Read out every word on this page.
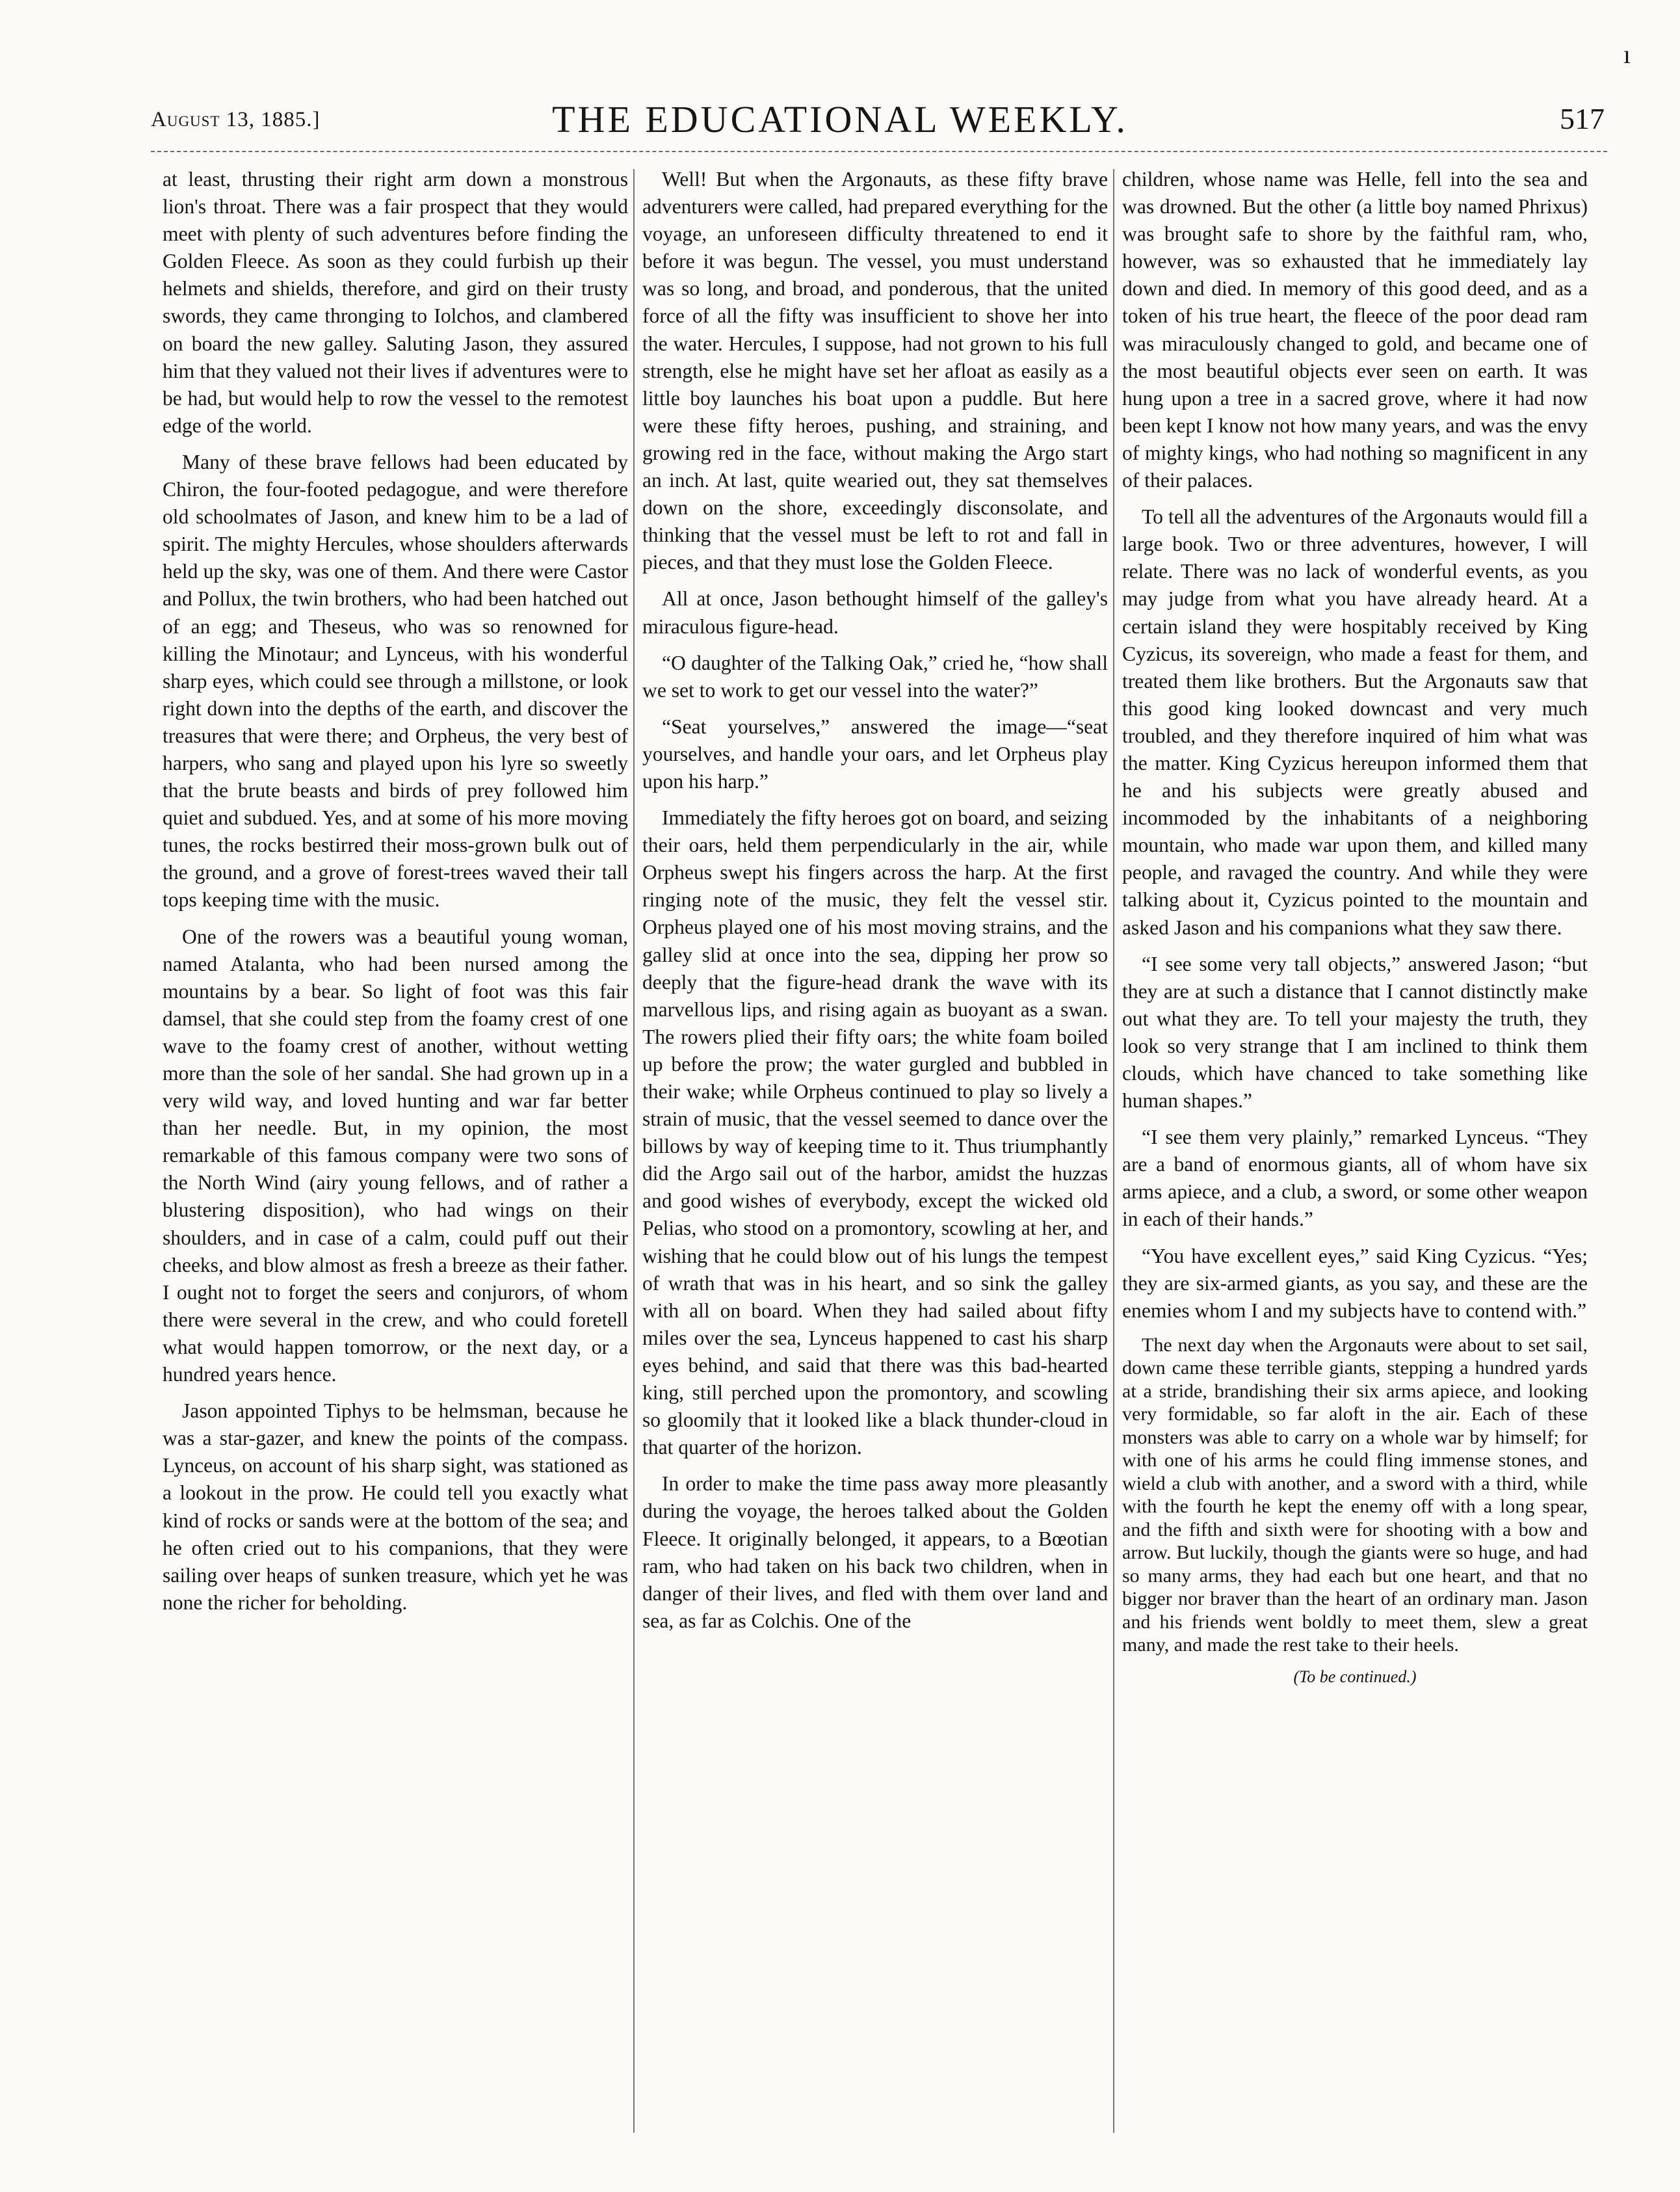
ı
August 13, 1885.]	THE EDUCATIONAL WEEKLY.	517

at least, thrusting their right arm down a monstrous lion's throat. There was a fair prospect that they would meet with plenty of such adventures before finding the Golden Fleece. As soon as they could furbish up their helmets and shields, therefore, and gird on their trusty swords, they came thronging to Iolchos, and clambered on board the new galley. Saluting Jason, they assured him that they valued not their lives if adventures were to be had, but would help to row the vessel to the remotest edge of the world.

Many of these brave fellows had been educated by Chiron, the four-footed pedagogue, and were therefore old schoolmates of Jason, and knew him to be a lad of spirit. The mighty Hercules, whose shoulders afterwards held up the sky, was one of them. And there were Castor and Pollux, the twin brothers, who had been hatched out of an egg; and Theseus, who was so renowned for killing the Minotaur; and Lynceus, with his wonderful sharp eyes, which could see through a millstone, or look right down into the depths of the earth, and discover the treasures that were there; and Orpheus, the very best of harpers, who sang and played upon his lyre so sweetly that the brute beasts and birds of prey followed him quiet and subdued. Yes, and at some of his more moving tunes, the rocks bestirred their moss-grown bulk out of the ground, and a grove of forest-trees waved their tall tops keeping time with the music.

One of the rowers was a beautiful young woman, named Atalanta, who had been nursed among the mountains by a bear. So light of foot was this fair damsel, that she could step from the foamy crest of one wave to the foamy crest of another, without wetting more than the sole of her sandal. She had grown up in a very wild way, and loved hunting and war far better than her needle. But, in my opinion, the most remarkable of this famous company were two sons of the North Wind (airy young fellows, and of rather a blustering disposition), who had wings on their shoulders, and in case of a calm, could puff out their cheeks, and blow almost as fresh a breeze as their father. I ought not to forget the seers and conjurors, of whom there were several in the crew, and who could foretell what would happen tomorrow, or the next day, or a hundred years hence.

Jason appointed Tiphys to be helmsman, because he was a star-gazer, and knew the points of the compass. Lynceus, on account of his sharp sight, was stationed as a lookout in the prow. He could tell you exactly what kind of rocks or sands were at the bottom of the sea; and he often cried out to his companions, that they were sailing over heaps of sunken treasure, which yet he was none the richer for beholding.

Well! But when the Argonauts, as these fifty brave adventurers were called, had prepared everything for the voyage, an unforeseen difficulty threatened to end it before it was begun. The vessel, you must understand was so long, and broad, and ponderous, that the united force of all the fifty was insufficient to shove her into the water. Hercules, I suppose, had not grown to his full strength, else he might have set her afloat as easily as a little boy launches his boat upon a puddle. But here were these fifty heroes, pushing, and straining, and growing red in the face, without making the Argo start an inch. At last, quite wearied out, they sat themselves down on the shore, exceedingly disconsolate, and thinking that the vessel must be left to rot and fall in pieces, and that they must lose the Golden Fleece.

All at once, Jason bethought himself of the galley's miraculous figure-head.

“O daughter of the Talking Oak,” cried he, “how shall we set to work to get our vessel into the water?”

“Seat yourselves,” answered the image—“seat yourselves, and handle your oars, and let Orpheus play upon his harp.”

Immediately the fifty heroes got on board, and seizing their oars, held them perpendicularly in the air, while Orpheus swept his fingers across the harp. At the first ringing note of the music, they felt the vessel stir. Orpheus played one of his most moving strains, and the galley slid at once into the sea, dipping her prow so deeply that the figure-head drank the wave with its marvellous lips, and rising again as buoyant as a swan. The rowers plied their fifty oars; the white foam boiled up before the prow; the water gurgled and bubbled in their wake; while Orpheus continued to play so lively a strain of music, that the vessel seemed to dance over the billows by way of keeping time to it. Thus triumphantly did the Argo sail out of the harbor, amidst the huzzas and good wishes of everybody, except the wicked old Pelias, who stood on a promontory, scowling at her, and wishing that he could blow out of his lungs the tempest of wrath that was in his heart, and so sink the galley with all on board. When they had sailed about fifty miles over the sea, Lynceus happened to cast his sharp eyes behind, and said that there was this bad-hearted king, still perched upon the promontory, and scowling so gloomily that it looked like a black thunder-cloud in that quarter of the horizon.

In order to make the time pass away more pleasantly during the voyage, the heroes talked about the Golden Fleece. It originally belonged, it appears, to a Bœotian ram, who had taken on his back two children, when in danger of their lives, and fled with them over land and sea, as far as Colchis. One of the

children, whose name was Helle, fell into the sea and was drowned. But the other (a little boy named Phrixus) was brought safe to shore by the faithful ram, who, however, was so exhausted that he immediately lay down and died. In memory of this good deed, and as a token of his true heart, the fleece of the poor dead ram was miraculously changed to gold, and became one of the most beautiful objects ever seen on earth. It was hung upon a tree in a sacred grove, where it had now been kept I know not how many years, and was the envy of mighty kings, who had nothing so magnificent in any of their palaces.

To tell all the adventures of the Argonauts would fill a large book. Two or three adventures, however, I will relate. There was no lack of wonderful events, as you may judge from what you have already heard. At a certain island they were hospitably received by King Cyzicus, its sovereign, who made a feast for them, and treated them like brothers. But the Argonauts saw that this good king looked downcast and very much troubled, and they therefore inquired of him what was the matter. King Cyzicus hereupon informed them that he and his subjects were greatly abused and incommoded by the inhabitants of a neighboring mountain, who made war upon them, and killed many people, and ravaged the country. And while they were talking about it, Cyzicus pointed to the mountain and asked Jason and his companions what they saw there.

“I see some very tall objects,” answered Jason; “but they are at such a distance that I cannot distinctly make out what they are. To tell your majesty the truth, they look so very strange that I am inclined to think them clouds, which have chanced to take something like human shapes.”

“I see them very plainly,” remarked Lynceus. “They are a band of enormous giants, all of whom have six arms apiece, and a club, a sword, or some other weapon in each of their hands.”

“You have excellent eyes,” said King Cyzicus. “Yes; they are six-armed giants, as you say, and these are the enemies whom I and my subjects have to contend with.”

The next day when the Argonauts were about to set sail, down came these terrible giants, stepping a hundred yards at a stride, brandishing their six arms apiece, and looking very formidable, so far aloft in the air. Each of these monsters was able to carry on a whole war by himself; for with one of his arms he could fling immense stones, and wield a club with another, and a sword with a third, while with the fourth he kept the enemy off with a long spear, and the fifth and sixth were for shooting with a bow and arrow. But luckily, though the giants were so huge, and had so many arms, they had each but one heart, and that no bigger nor braver than the heart of an ordinary man. Jason and his friends went boldly to meet them, slew a great many, and made the rest take to their heels.

(To be continued.)
